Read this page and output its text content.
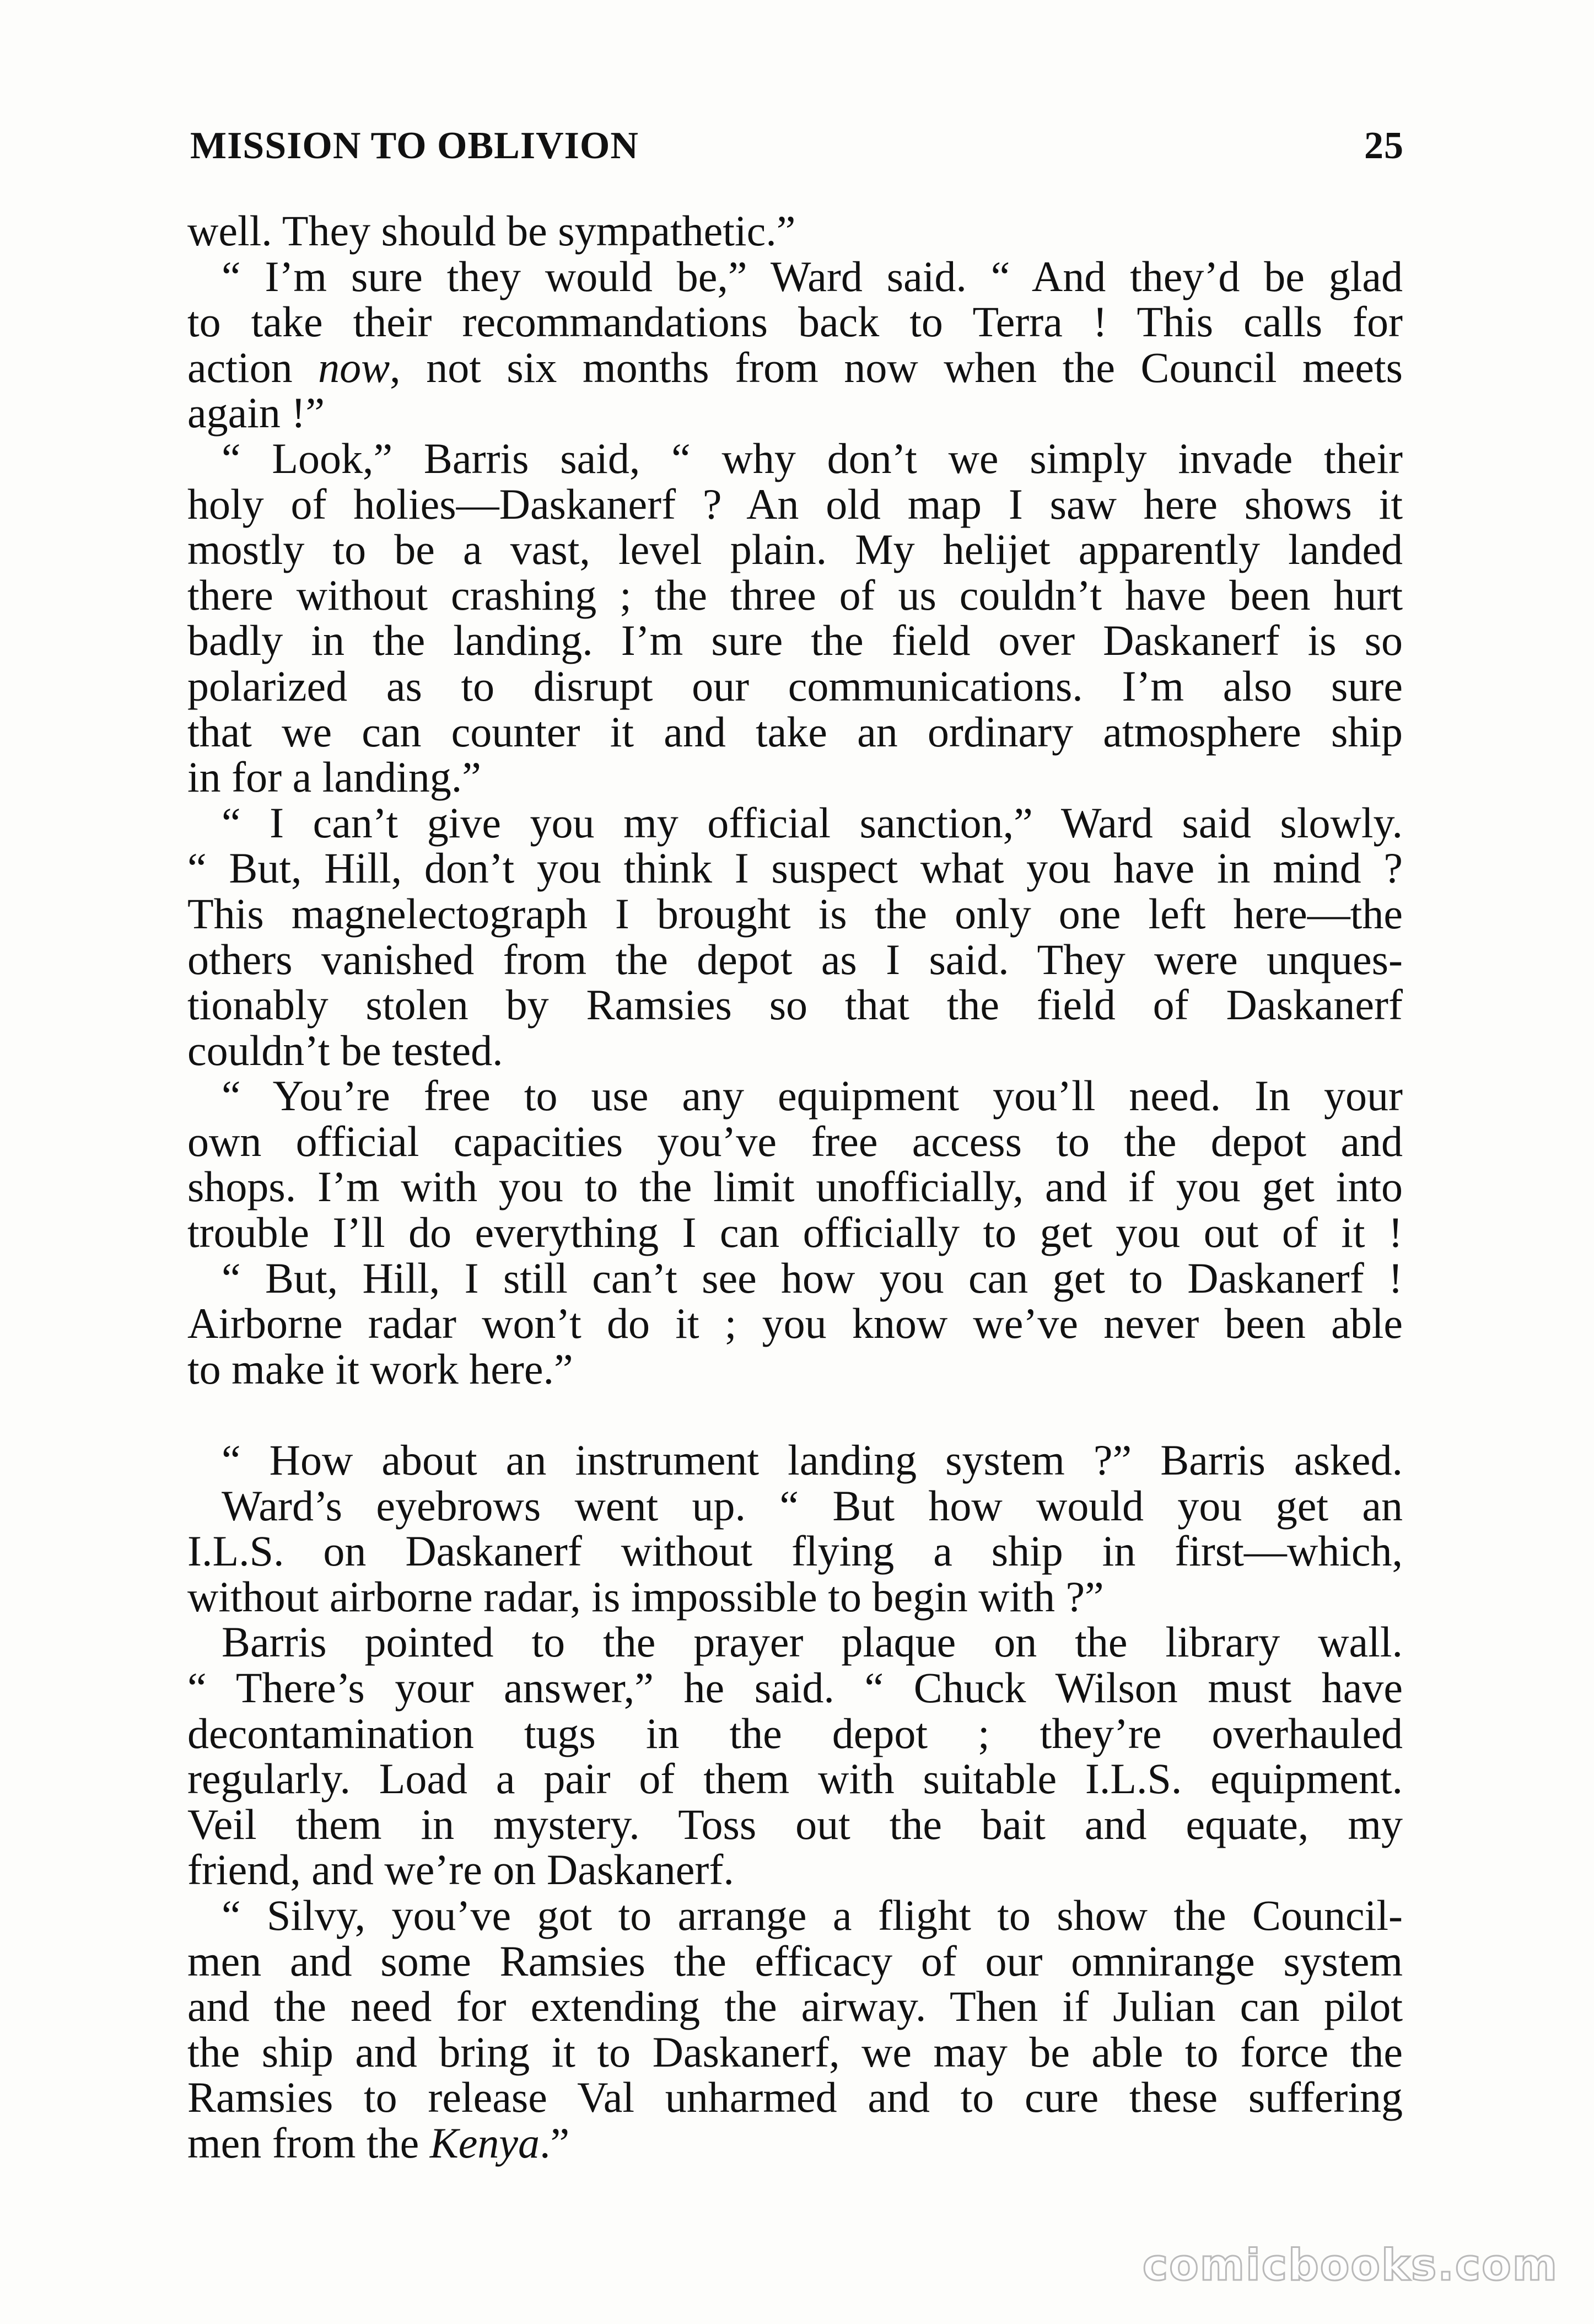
MISSION TO OBLIVION	25
well. They should be sympathetic.”
“ I’m sure they would be,” Ward said. “ And they’d be glad
to take their recommandations back to Terra ! This calls for
action now, not six months from now when the Council meets
again !”
“ Look,” Barris said, “ why don’t we simply invade their
holy of holies—Daskanerf ? An old map I saw here shows it
mostly to be a vast, level plain. My helijet apparently landed
there without crashing ; the three of us couldn’t have been hurt
badly in the landing. I’m sure the field over Daskanerf is so
polarized as to disrupt our communications. I’m also sure
that we can counter it and take an ordinary atmosphere ship
in for a landing.”
“ I can’t give you my official sanction,” Ward said slowly.
“ But, Hill, don’t you think I suspect what you have in mind ?
This magnelectograph I brought is the only one left here—the
others vanished from the depot as I said. They were unques-
tionably stolen by Ramsies so that the field of Daskanerf
couldn’t be tested.
“ You’re free to use any equipment you’ll need. In your
own official capacities you’ve free access to the depot and
shops. I’m with you to the limit unofficially, and if you get into
trouble I’ll do everything I can officially to get you out of it !
“ But, Hill, I still can’t see how you can get to Daskanerf !
Airborne radar won’t do it ; you know we’ve never been able
to make it work here.”
“ How about an instrument landing system ?” Barris asked.
Ward’s eyebrows went up. “ But how would you get an
I.L.S. on Daskanerf without flying a ship in first—which,
without airborne radar, is impossible to begin with ?”
Barris pointed to the prayer plaque on the library wall.
“ There’s your answer,” he said. “ Chuck Wilson must have
decontamination tugs in the depot ; they’re overhauled
regularly. Load a pair of them with suitable I.L.S. equipment.
Veil them in mystery. Toss out the bait and equate, my
friend, and we’re on Daskanerf.
“ Silvy, you’ve got to arrange a flight to show the Council-
men and some Ramsies the efficacy of our omnirange system
and the need for extending the airway. Then if Julian can pilot
the ship and bring it to Daskanerf, we may be able to force the
Ramsies to release Val unharmed and to cure these suffering
men from the Kenya.”
comicbooks.com
